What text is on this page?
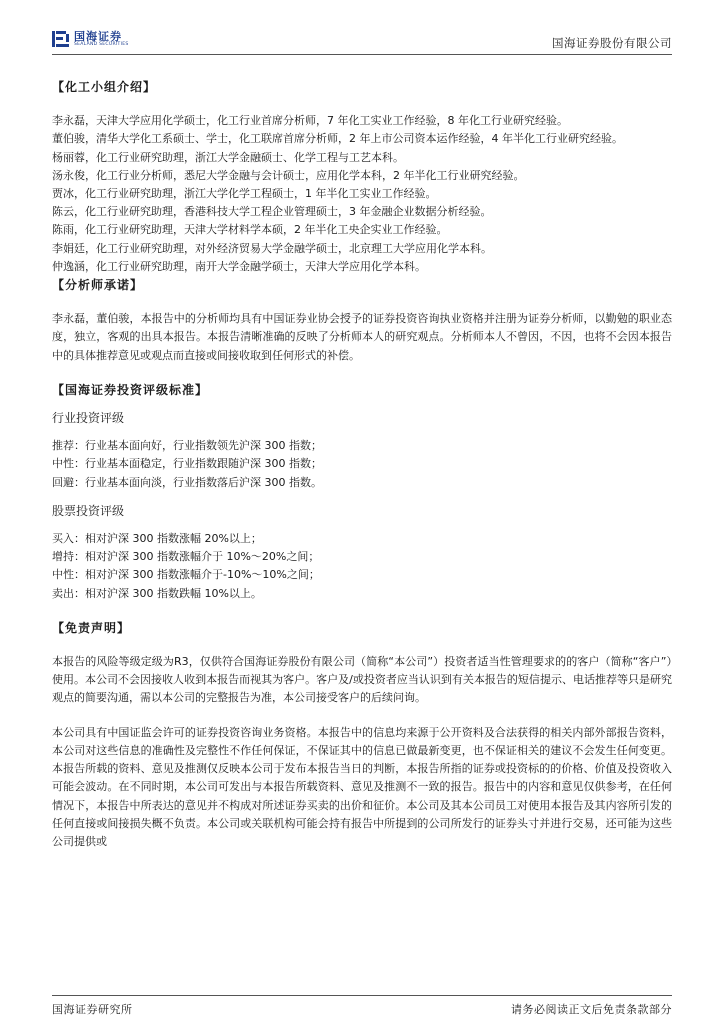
国海证券
SEALAND SECURITIES	国海证券股份有限公司

【化工小组介绍】

李永磊，天津大学应用化学硕士，化工行业首席分析师，7 年化工实业工作经验，8 年化工行业研究经验。

董伯骏，清华大学化工系硕士、学士，化工联席首席分析师，2 年上市公司资本运作经验，4 年半化工行业研究经验。

杨丽蓉，化工行业研究助理，浙江大学金融硕士、化学工程与工艺本科。

汤永俊，化工行业分析师，悉尼大学金融与会计硕士，应用化学本科，2 年半化工行业研究经验。

贾冰，化工行业研究助理，浙江大学化学工程硕士，1 年半化工实业工作经验。

陈云，化工行业研究助理，香港科技大学工程企业管理硕士，3 年金融企业数据分析经验。

陈雨，化工行业研究助理，天津大学材料学本硕，2 年半化工央企实业工作经验。

李娟廷，化工行业研究助理，对外经济贸易大学金融学硕士，北京理工大学应用化学本科。

仲逸涵，化工行业研究助理，南开大学金融学硕士，天津大学应用化学本科。

【分析师承诺】

李永磊，董伯骏，本报告中的分析师均具有中国证券业协会授予的证券投资咨询执业资格并注册为证券分析师，以勤勉的职业态度，独立，客观的出具本报告。本报告清晰准确的反映了分析师本人的研究观点。分析师本人不曾因，不因，也将不会因本报告中的具体推荐意见或观点而直接或间接收取到任何形式的补偿。

【国海证券投资评级标准】

行业投资评级

推荐：行业基本面向好，行业指数领先沪深 300 指数；

中性：行业基本面稳定，行业指数跟随沪深 300 指数；

回避：行业基本面向淡，行业指数落后沪深 300 指数。

股票投资评级

买入：相对沪深 300 指数涨幅 20%以上；

增持：相对沪深 300 指数涨幅介于 10%～20%之间；

中性：相对沪深 300 指数涨幅介于-10%～10%之间；

卖出：相对沪深 300 指数跌幅 10%以上。

【免责声明】

本报告的风险等级定级为R3，仅供符合国海证券股份有限公司（简称“本公司”）投资者适当性管理要求的的客户（简称“客户”）使用。本公司不会因接收人收到本报告而视其为客户。客户及/或投资者应当认识到有关本报告的短信提示、电话推荐等只是研究观点的简要沟通，需以本公司的完整报告为准，本公司接受客户的后续问询。

本公司具有中国证监会许可的证券投资咨询业务资格。本报告中的信息均来源于公开资料及合法获得的相关内部外部报告资料，本公司对这些信息的准确性及完整性不作任何保证，不保证其中的信息已做最新变更，也不保证相关的建议不会发生任何变更。本报告所载的资料、意见及推测仅反映本公司于发布本报告当日的判断，本报告所指的证券或投资标的的价格、价值及投资收入可能会波动。在不同时期，本公司可发出与本报告所载资料、意见及推测不一致的报告。报告中的内容和意见仅供参考，在任何情况下，本报告中所表达的意见并不构成对所述证券买卖的出价和征价。本公司及其本公司员工对使用本报告及其内容所引发的任何直接或间接损失概不负责。本公司或关联机构可能会持有报告中所提到的公司所发行的证券头寸并进行交易，还可能为这些公司提供或

国海证券研究所	请务必阅读正文后免责条款部分
